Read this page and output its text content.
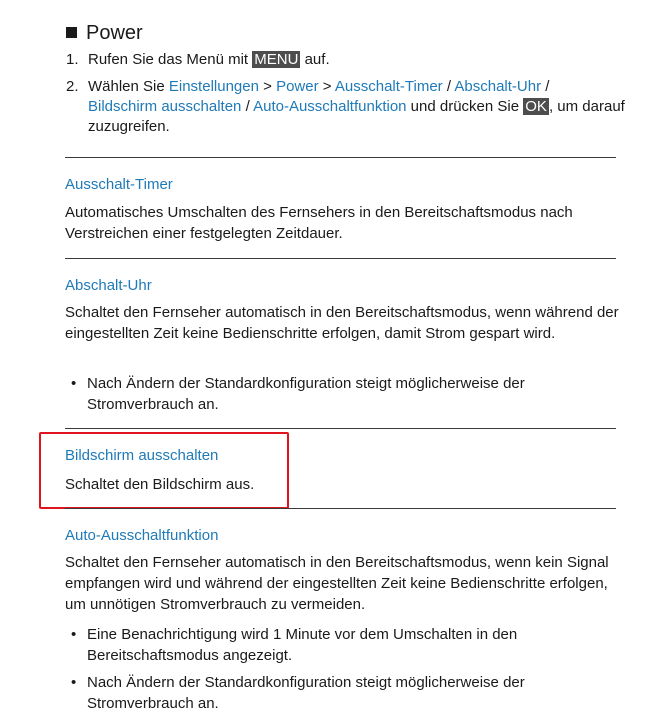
Power
1. Rufen Sie das Menü mit MENU auf.
2. Wählen Sie Einstellungen > Power > Ausschalt-Timer / Abschalt-Uhr /
Bildschirm ausschalten / Auto-Ausschaltfunktion und drücken Sie OK , um darauf zuzugreifen.
Ausschalt-Timer
Automatisches Umschalten des Fernsehers in den Bereitschaftsmodus nach Verstreichen einer festgelegten Zeitdauer.
Abschalt-Uhr
Schaltet den Fernseher automatisch in den Bereitschaftsmodus, wenn während der eingestellten Zeit keine Bedienschritte erfolgen, damit Strom gespart wird.
• Nach Ändern der Standardkonfiguration steigt möglicherweise der Stromverbrauch an.
Bildschirm ausschalten
Schaltet den Bildschirm aus.
Auto-Ausschaltfunktion
Schaltet den Fernseher automatisch in den Bereitschaftsmodus, wenn kein Signal empfangen wird und während der eingestellten Zeit keine Bedienschritte erfolgen, um unnötigen Stromverbrauch zu vermeiden.
• Eine Benachrichtigung wird 1 Minute vor dem Umschalten in den Bereitschaftsmodus angezeigt.
• Nach Ändern der Standardkonfiguration steigt möglicherweise der Stromverbrauch an.
